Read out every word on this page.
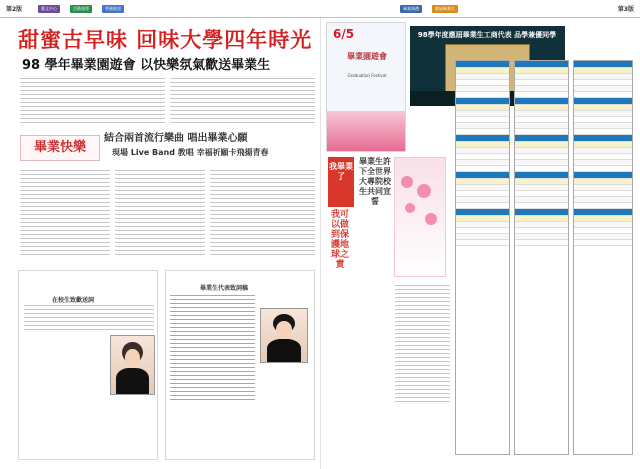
第2版	藝文中心	活動報導	學務資訊	畢業典禮	應屆畢業生	第3版
甜蜜古早味 回味大學四年時光
98 學年畢業園遊會 以快樂氛氣歡送畢業生
畢業快樂
結合兩首流行樂曲 唱出畢業心願
現場 Live Band 教唱 幸福祈願卡飛揚青春
在校生致歡送詞
畢業生代表致詞稿
6/5
畢業園遊會
Graduation Festival
98學年度應屆畢業生工商代表 品學兼優同學
我畢業了
我可以做到保護地球之責
畢業生許下全世界大專院校生共同宣誓
